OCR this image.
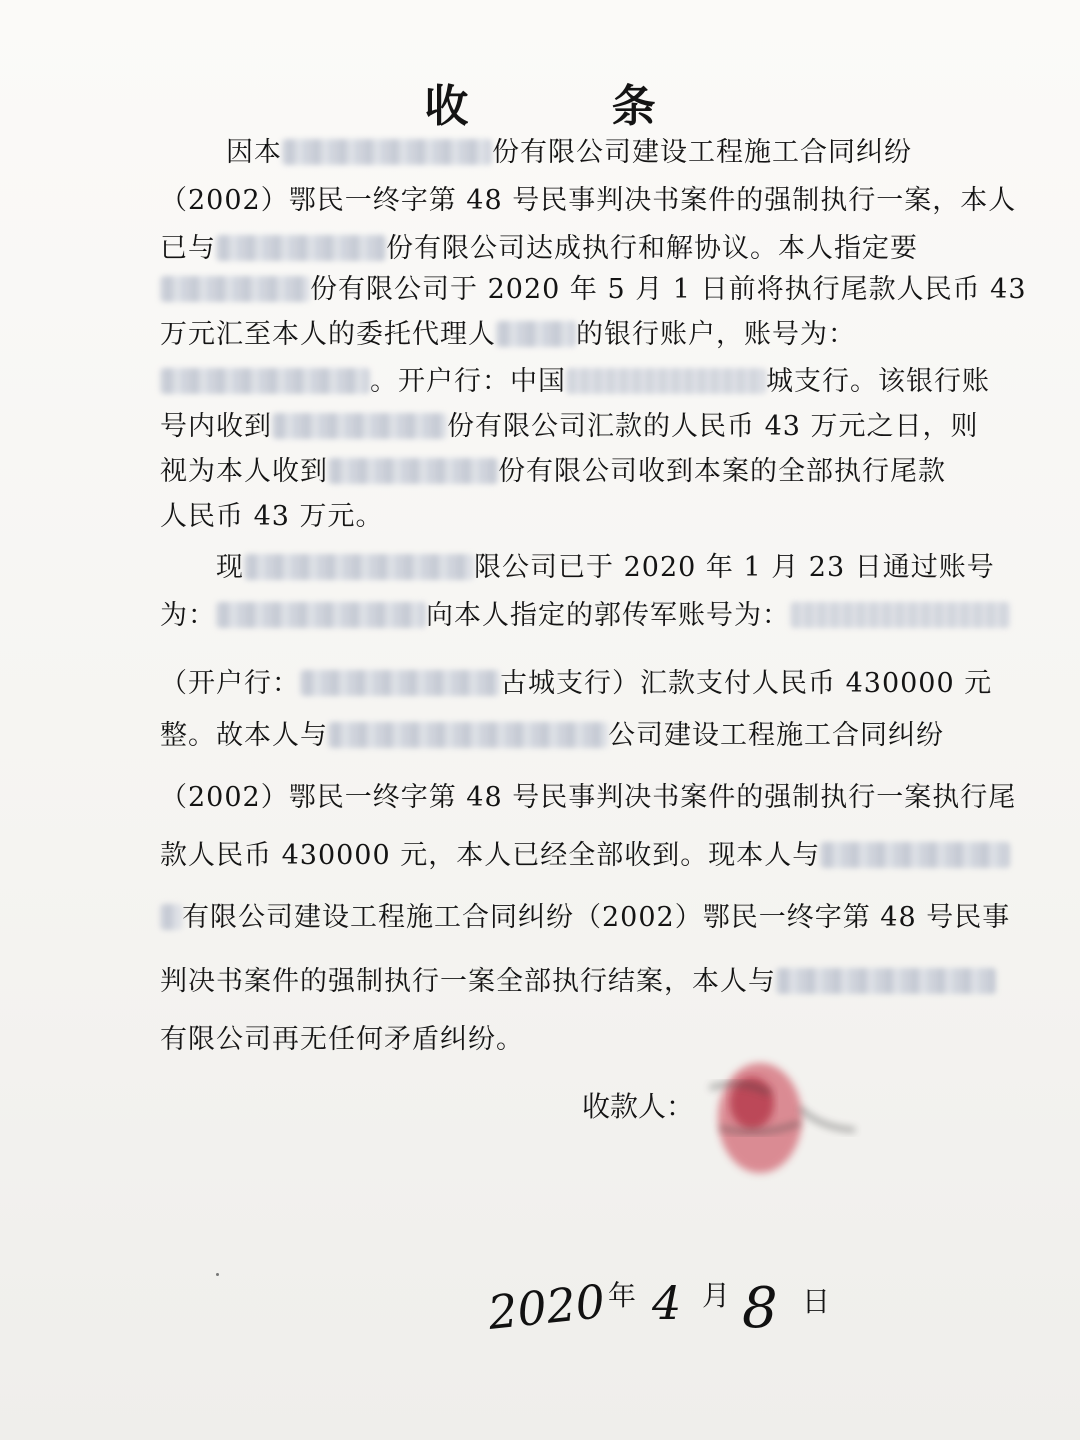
收 条
因本	份有限公司建设工程施工合同纠纷
（2002）鄂民一终字第 48 号民事判决书案件的强制执行一案，本人
已与	份有限公司达成执行和解协议。本人指定要
份有限公司于 2020 年 5 月 1 日前将执行尾款人民币 43
万元汇至本人的委托代理人	的银行账户，账号为：
。开户行：中国	城支行。该银行账
号内收到	份有限公司汇款的人民币 43 万元之日，则
视为本人收到	份有限公司收到本案的全部执行尾款
人民币 43 万元。
现	限公司已于 2020 年 1 月 23 日通过账号
为：	向本人指定的郭传军账号为：
（开户行：	古城支行）汇款支付人民币 430000 元
整。故本人与	公司建设工程施工合同纠纷
（2002）鄂民一终字第 48 号民事判决书案件的强制执行一案执行尾
款人民币 430000 元，本人已经全部收到。现本人与
有限公司建设工程施工合同纠纷（2002）鄂民一终字第 48 号民事
判决书案件的强制执行一案全部执行结案，本人与
有限公司再无任何矛盾纠纷。
收款人：
2020 年 4 月 8 日
